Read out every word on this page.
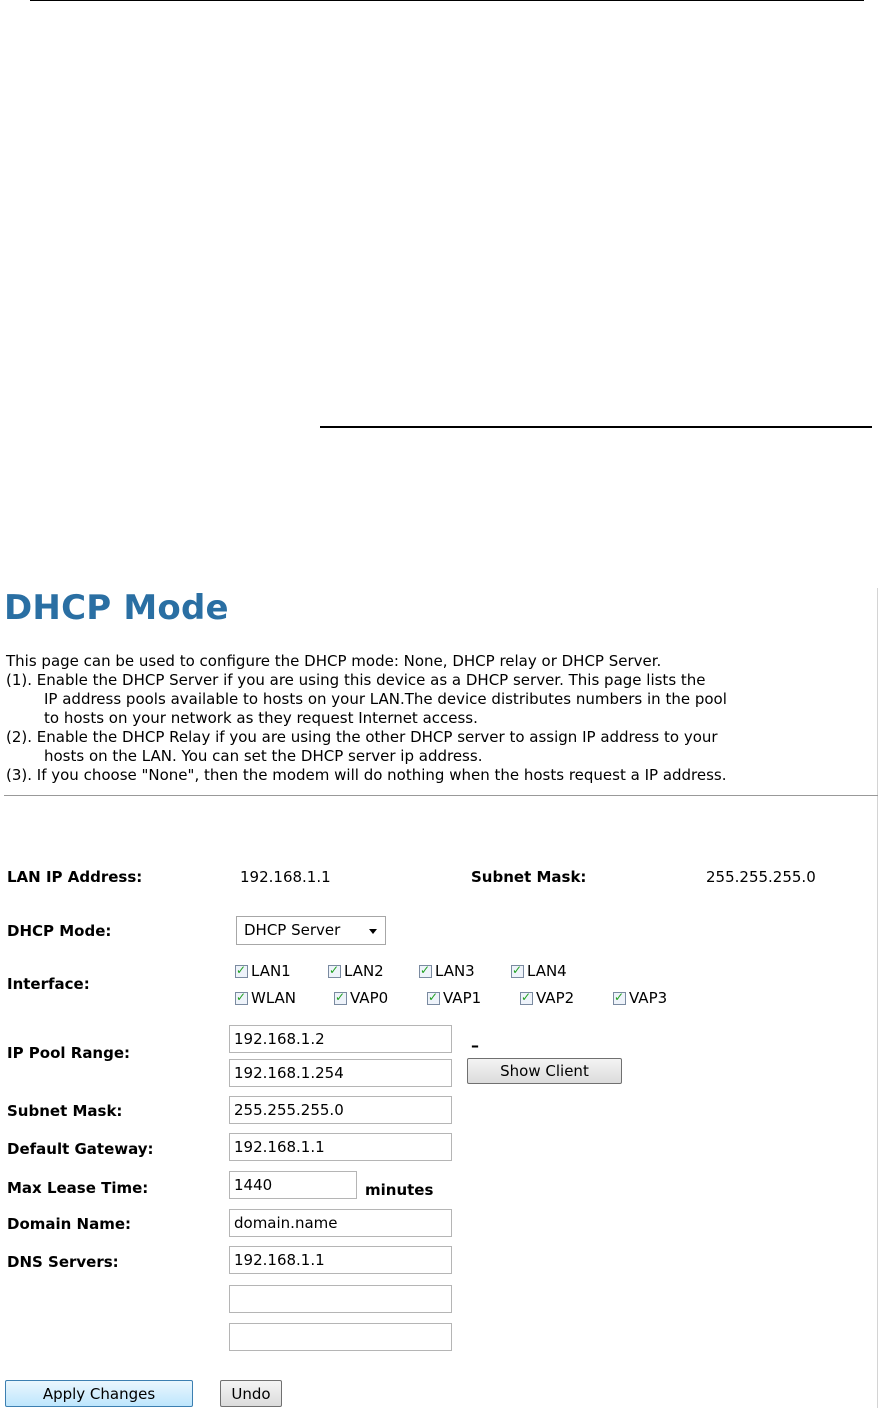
DHCP Mode
This page can be used to configure the DHCP mode: None, DHCP relay or DHCP Server.
(1). Enable the DHCP Server if you are using this device as a DHCP server. This page lists the
IP address pools available to hosts on your LAN.The device distributes numbers in the pool
to hosts on your network as they request Internet access.
(2). Enable the DHCP Relay if you are using the other DHCP server to assign IP address to your
hosts on the LAN. You can set the DHCP server ip address.
(3). If you choose "None", then the modem will do nothing when the hosts request a IP address.
LAN IP Address:	192.168.1.1	Subnet Mask:	255.255.255.0
DHCP Mode:	DHCP Server
Interface:
✓ LAN1	✓ LAN2	✓ LAN3	✓ LAN4
✓ WLAN	✓ VAP0	✓ VAP1	✓ VAP2	✓ VAP3
IP Pool Range:
192.168.1.2	–
192.168.1.254
Show Client
Subnet Mask:
255.255.255.0
Default Gateway:
192.168.1.1
Max Lease Time:
1440	minutes
Domain Name:
domain.name
DNS Servers:
192.168.1.1
Apply Changes	Undo
